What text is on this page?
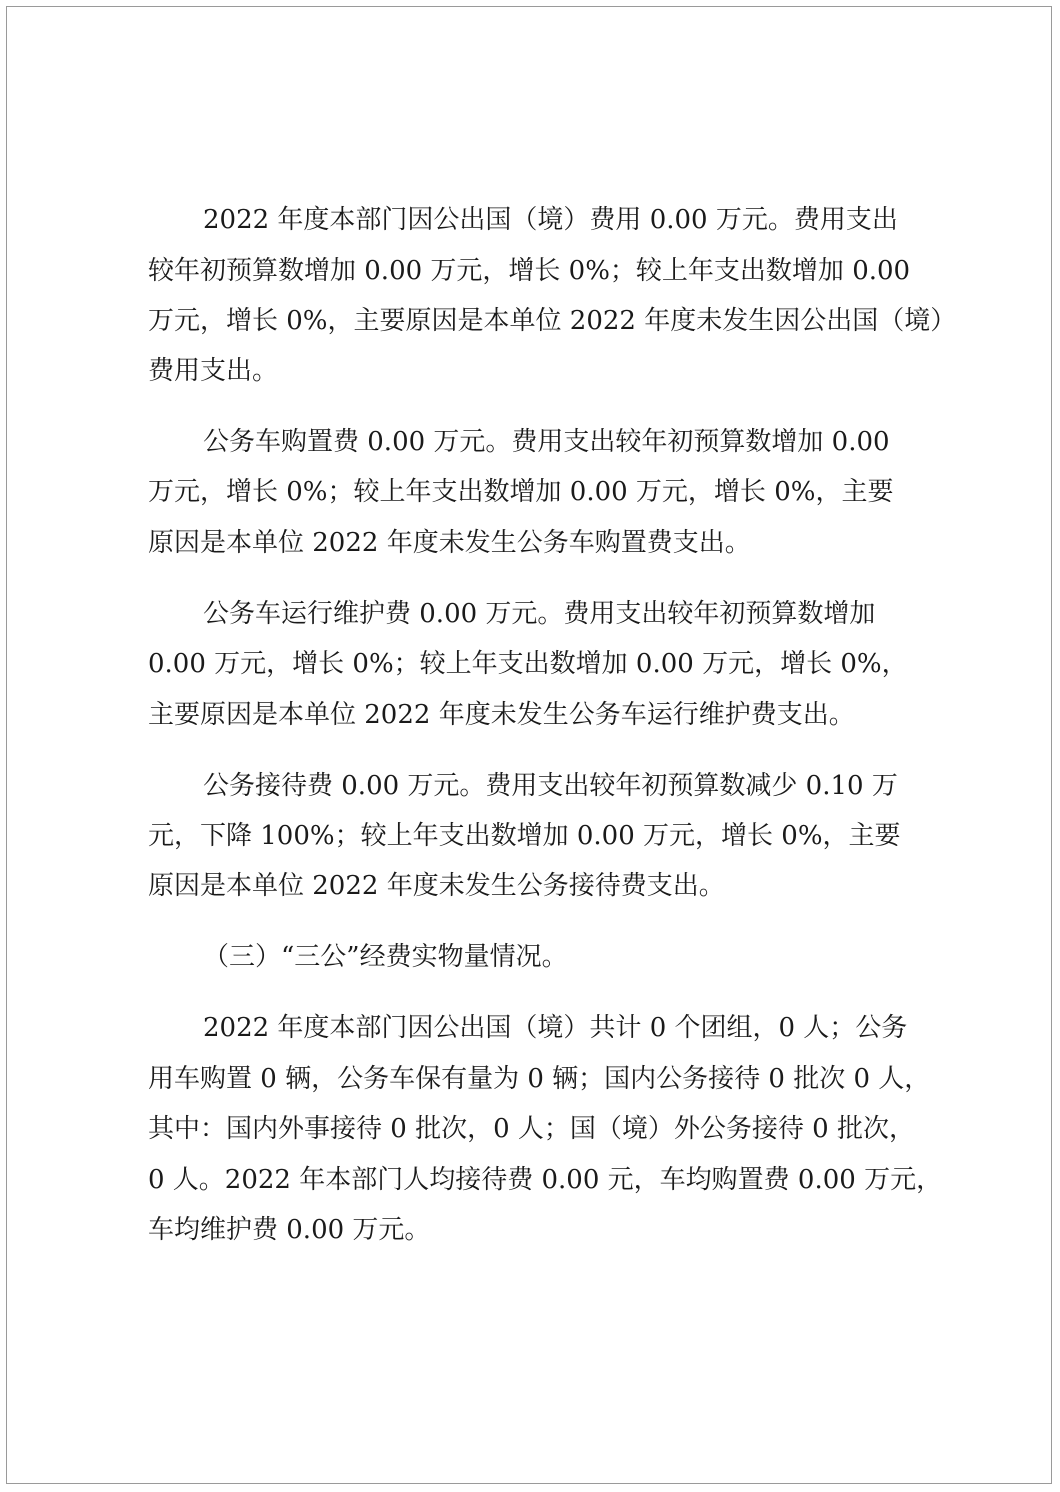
2022 年度本部门因公出国（境）费用 0.00 万元。费用支出

较年初预算数增加 0.00 万元，增长 0%；较上年支出数增加 0.00

万元，增长 0%，主要原因是本单位 2022 年度未发生因公出国（境）

费用支出。

公务车购置费 0.00 万元。费用支出较年初预算数增加 0.00

万元，增长 0%；较上年支出数增加 0.00 万元，增长 0%，主要

原因是本单位 2022 年度未发生公务车购置费支出。

公务车运行维护费 0.00 万元。费用支出较年初预算数增加

0.00 万元，增长 0%；较上年支出数增加 0.00 万元，增长 0%，

主要原因是本单位 2022 年度未发生公务车运行维护费支出。

公务接待费 0.00 万元。费用支出较年初预算数减少 0.10 万

元，下降 100%；较上年支出数增加 0.00 万元，增长 0%，主要

原因是本单位 2022 年度未发生公务接待费支出。

（三）“三公”经费实物量情况。

2022 年度本部门因公出国（境）共计 0 个团组，0 人；公务

用车购置 0 辆，公务车保有量为 0 辆；国内公务接待 0 批次 0 人，

其中：国内外事接待 0 批次，0 人；国（境）外公务接待 0 批次，

0 人。2022 年本部门人均接待费 0.00 元，车均购置费 0.00 万元，

车均维护费 0.00 万元。
